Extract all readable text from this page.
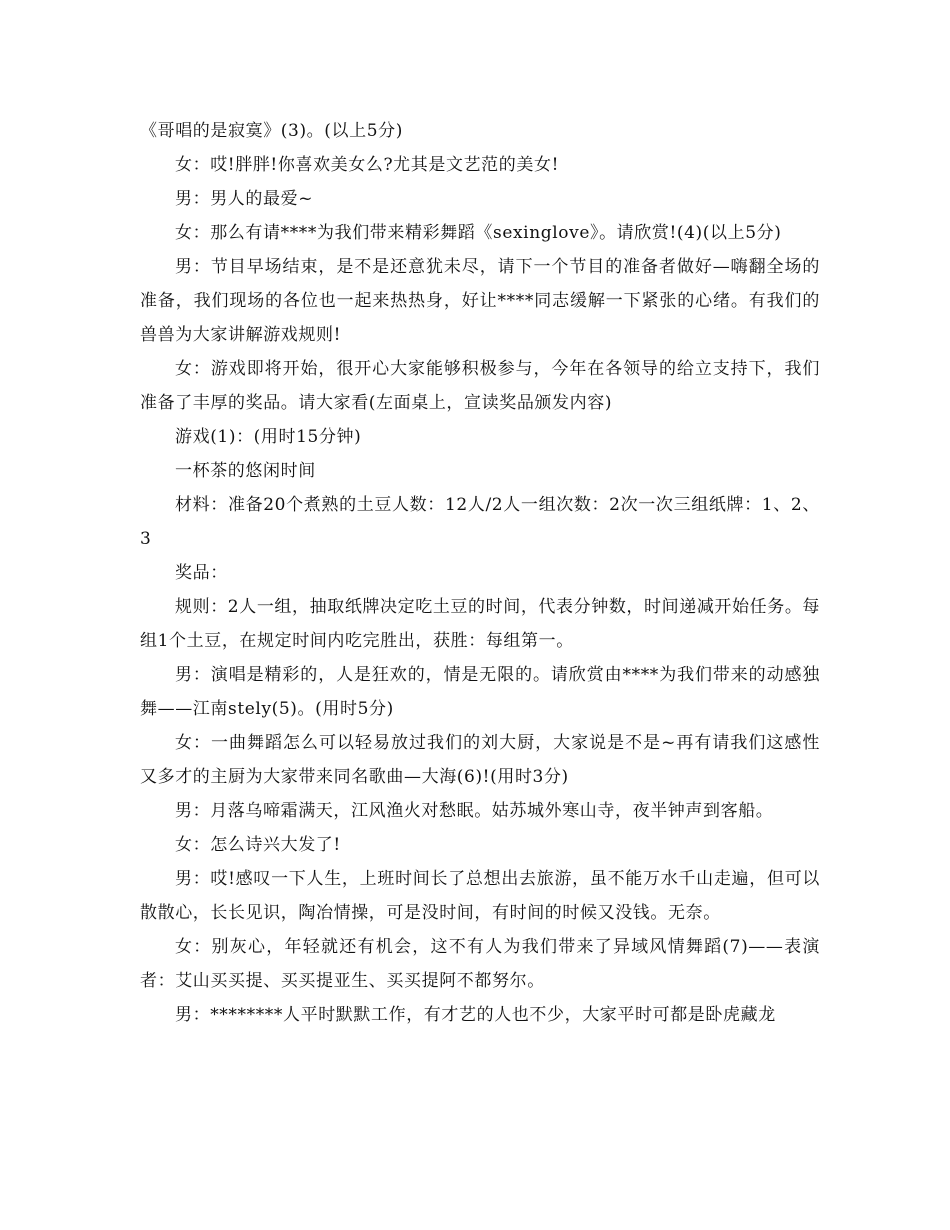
《哥唱的是寂寞》(3)。(以上5分)

女：哎!胖胖!你喜欢美女么?尤其是文艺范的美女!

男：男人的最爱~

女：那么有请****为我们带来精彩舞蹈《sexinglove》。请欣赏!(4)(以上5分)

男：节目早场结束，是不是还意犹未尽，请下一个节目的准备者做好—嗨翻全场的准备，我们现场的各位也一起来热热身，好让****同志缓解一下紧张的心绪。有我们的兽兽为大家讲解游戏规则!

女：游戏即将开始，很开心大家能够积极参与，今年在各领导的给立支持下，我们准备了丰厚的奖品。请大家看(左面桌上，宣读奖品颁发内容)

游戏(1)：(用时15分钟)

一杯茶的悠闲时间

材料：准备20个煮熟的土豆人数：12人/2人一组次数：2次一次三组纸牌：1、2、3

奖品：

规则：2人一组，抽取纸牌决定吃土豆的时间，代表分钟数，时间递减开始任务。每组1个土豆，在规定时间内吃完胜出，获胜：每组第一。

男：演唱是精彩的，人是狂欢的，情是无限的。请欣赏由****为我们带来的动感独舞——江南stely(5)。(用时5分)

女：一曲舞蹈怎么可以轻易放过我们的刘大厨，大家说是不是~再有请我们这感性又多才的主厨为大家带来同名歌曲—大海(6)!(用时3分)

男：月落乌啼霜满天，江风渔火对愁眠。姑苏城外寒山寺，夜半钟声到客船。

女：怎么诗兴大发了!

男：哎!感叹一下人生，上班时间长了总想出去旅游，虽不能万水千山走遍，但可以散散心，长长见识，陶冶情操，可是没时间，有时间的时候又没钱。无奈。

女：别灰心，年轻就还有机会，这不有人为我们带来了异域风情舞蹈(7)——表演者：艾山买买提、买买提亚生、买买提阿不都努尔。

男：********人平时默默工作，有才艺的人也不少，大家平时可都是卧虎藏龙
